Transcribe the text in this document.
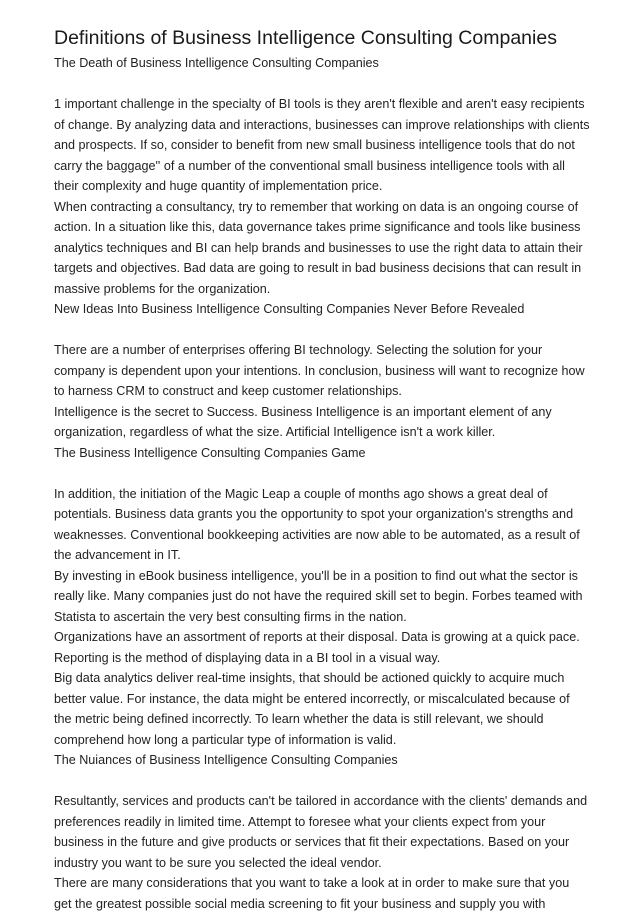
Definitions of Business Intelligence Consulting Companies

The Death of Business Intelligence Consulting Companies

1 important challenge in the specialty of BI tools is they aren't flexible and aren't easy recipients of change. By analyzing data and interactions, businesses can improve relationships with clients and prospects. If so, consider to benefit from new small business intelligence tools that do not carry the baggage'' of a number of the conventional small business intelligence tools with all their complexity and huge quantity of implementation price.

When contracting a consultancy, try to remember that working on data is an ongoing course of action. In a situation like this, data governance takes prime significance and tools like business analytics techniques and BI can help brands and businesses to use the right data to attain their targets and objectives. Bad data are going to result in bad business decisions that can result in massive problems for the organization.

New Ideas Into Business Intelligence Consulting Companies Never Before Revealed

There are a number of enterprises offering BI technology. Selecting the solution for your company is dependent upon your intentions. In conclusion, business will want to recognize how to harness CRM to construct and keep customer relationships.

Intelligence is the secret to Success. Business Intelligence is an important element of any organization, regardless of what the size. Artificial Intelligence isn't a work killer.

The Business Intelligence Consulting Companies Game

In addition, the initiation of the Magic Leap a couple of months ago shows a great deal of potentials. Business data grants you the opportunity to spot your organization's strengths and weaknesses. Conventional bookkeeping activities are now able to be automated, as a result of the advancement in IT.

By investing in eBook business intelligence, you'll be in a position to find out what the sector is really like. Many companies just do not have the required skill set to begin. Forbes teamed with Statista to ascertain the very best consulting firms in the nation.

Organizations have an assortment of reports at their disposal. Data is growing at a quick pace. Reporting is the method of displaying data in a BI tool in a visual way.

Big data analytics deliver real-time insights, that should be actioned quickly to acquire much better value. For instance, the data might be entered incorrectly, or miscalculated because of the metric being defined incorrectly. To learn whether the data is still relevant, we should comprehend how long a particular type of information is valid.

The Nuiances of Business Intelligence Consulting Companies

Resultantly, services and products can't be tailored in accordance with the clients' demands and preferences readily in limited time. Attempt to foresee what your clients expect from your business in the future and give products or services that fit their expectations. Based on your industry you want to be sure you selected the ideal vendor.

There are many considerations that you want to take a look at in order to make sure that you get the greatest possible social media screening to fit your business and supply you with
